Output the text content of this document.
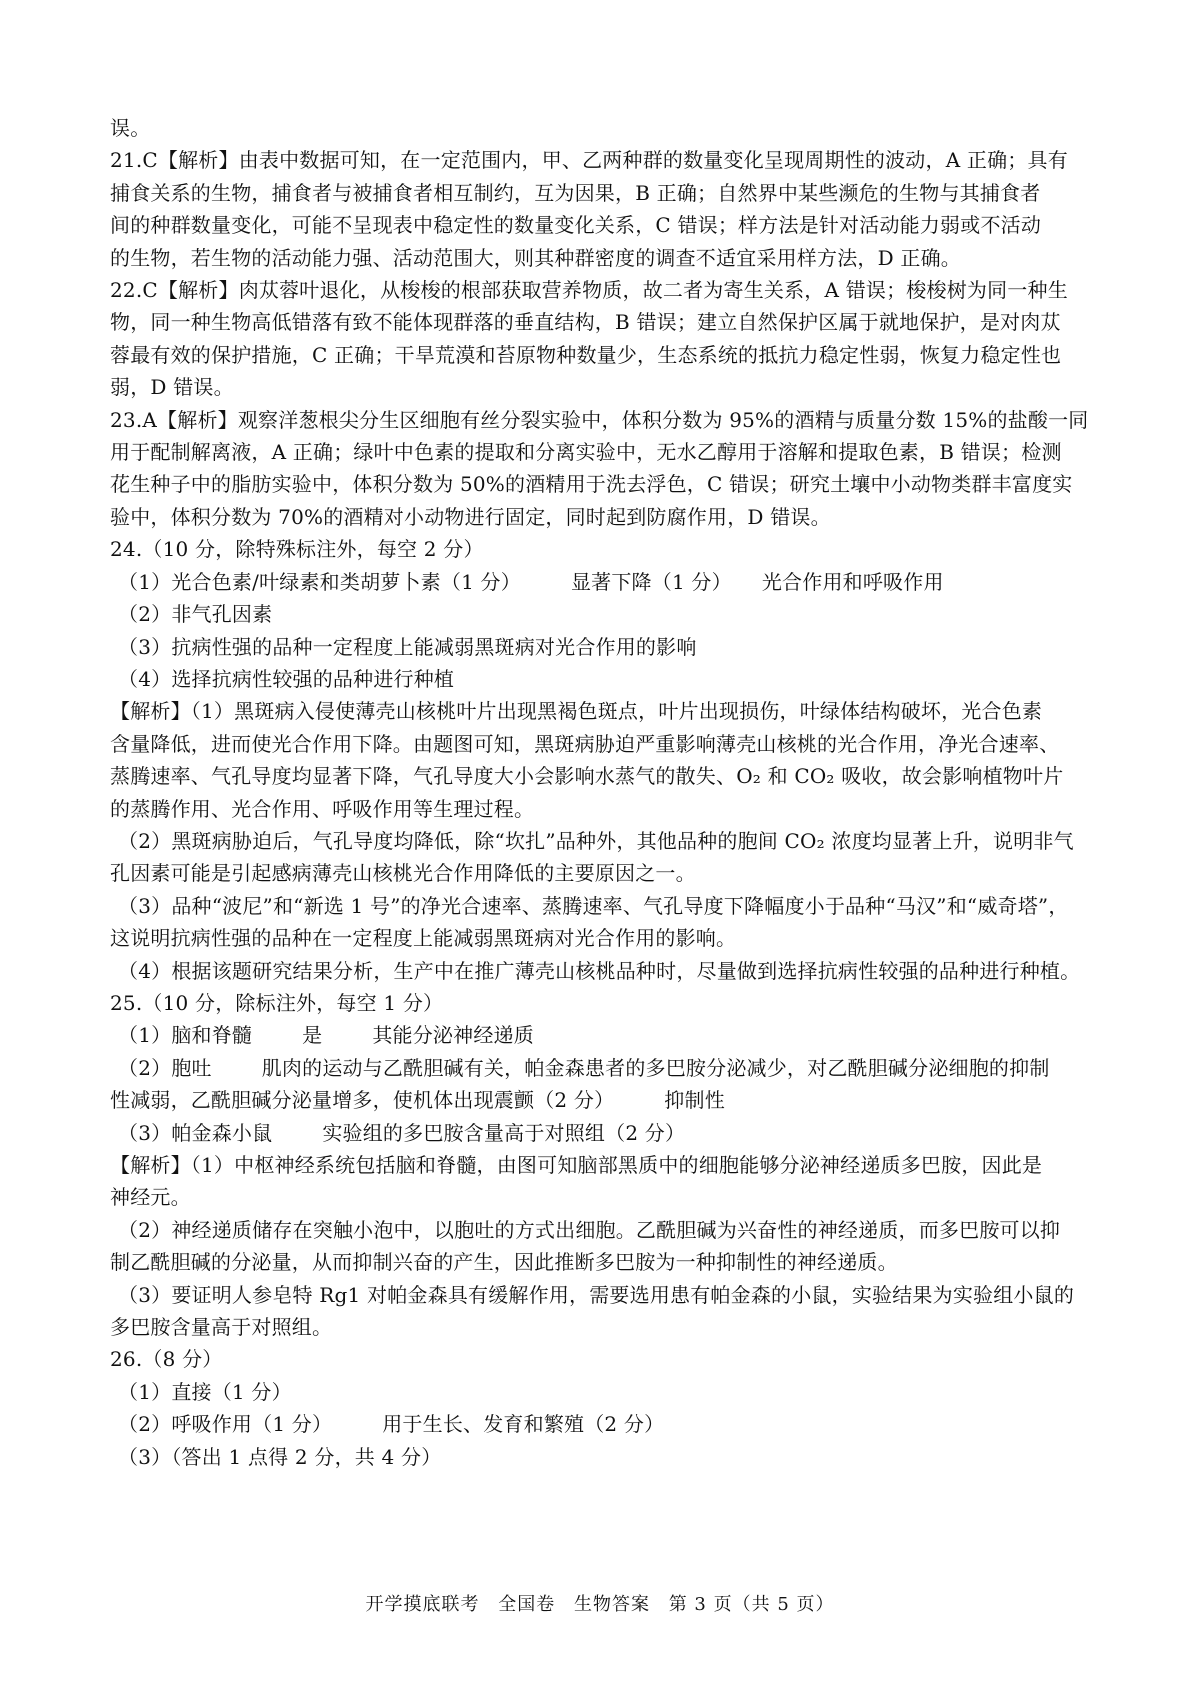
误。
21.C【解析】由表中数据可知，在一定范围内，甲、乙两种群的数量变化呈现周期性的波动，A 正确；具有
捕食关系的生物，捕食者与被捕食者相互制约，互为因果，B 正确；自然界中某些濒危的生物与其捕食者
间的种群数量变化，可能不呈现表中稳定性的数量变化关系，C 错误；样方法是针对活动能力弱或不活动
的生物，若生物的活动能力强、活动范围大，则其种群密度的调查不适宜采用样方法，D 正确。
22.C【解析】肉苁蓉叶退化，从梭梭的根部获取营养物质，故二者为寄生关系，A 错误；梭梭树为同一种生
物，同一种生物高低错落有致不能体现群落的垂直结构，B 错误；建立自然保护区属于就地保护，是对肉苁
蓉最有效的保护措施，C 正确；干旱荒漠和苔原物种数量少，生态系统的抵抗力稳定性弱，恢复力稳定性也
弱，D 错误。
23.A【解析】观察洋葱根尖分生区细胞有丝分裂实验中，体积分数为 95%的酒精与质量分数 15%的盐酸一同
用于配制解离液，A 正确；绿叶中色素的提取和分离实验中，无水乙醇用于溶解和提取色素，B 错误；检测
花生种子中的脂肪实验中，体积分数为 50%的酒精用于洗去浮色，C 错误；研究土壤中小动物类群丰富度实
验中，体积分数为 70%的酒精对小动物进行固定，同时起到防腐作用，D 错误。
24.（10 分，除特殊标注外，每空 2 分）
（1）光合色素/叶绿素和类胡萝卜素（1 分）	显著下降（1 分） 光合作用和呼吸作用
（2）非气孔因素
（3）抗病性强的品种一定程度上能减弱黑斑病对光合作用的影响
（4）选择抗病性较强的品种进行种植
【解析】（1）黑斑病入侵使薄壳山核桃叶片出现黑褐色斑点，叶片出现损伤，叶绿体结构破坏，光合色素
含量降低，进而使光合作用下降。由题图可知，黑斑病胁迫严重影响薄壳山核桃的光合作用，净光合速率、
蒸腾速率、气孔导度均显著下降，气孔导度大小会影响水蒸气的散失、O₂ 和 CO₂ 吸收，故会影响植物叶片
的蒸腾作用、光合作用、呼吸作用等生理过程。
（2）黑斑病胁迫后，气孔导度均降低，除“坎扎”品种外，其他品种的胞间 CO₂ 浓度均显著上升，说明非气
孔因素可能是引起感病薄壳山核桃光合作用降低的主要原因之一。
（3）品种“波尼”和“新选 1 号”的净光合速率、蒸腾速率、气孔导度下降幅度小于品种“马汉”和“威奇塔”，
这说明抗病性强的品种在一定程度上能减弱黑斑病对光合作用的影响。
（4）根据该题研究结果分析，生产中在推广薄壳山核桃品种时，尽量做到选择抗病性较强的品种进行种植。
25.（10 分，除标注外，每空 1 分）
（1）脑和脊髓	是	其能分泌神经递质
（2）胞吐	肌肉的运动与乙酰胆碱有关，帕金森患者的多巴胺分泌减少，对乙酰胆碱分泌细胞的抑制
性减弱，乙酰胆碱分泌量增多，使机体出现震颤（2 分）	抑制性
（3）帕金森小鼠	实验组的多巴胺含量高于对照组（2 分）
【解析】（1）中枢神经系统包括脑和脊髓，由图可知脑部黑质中的细胞能够分泌神经递质多巴胺，因此是
神经元。
（2）神经递质储存在突触小泡中，以胞吐的方式出细胞。乙酰胆碱为兴奋性的神经递质，而多巴胺可以抑
制乙酰胆碱的分泌量，从而抑制兴奋的产生，因此推断多巴胺为一种抑制性的神经递质。
（3）要证明人参皂特 Rg1 对帕金森具有缓解作用，需要选用患有帕金森的小鼠，实验结果为实验组小鼠的
多巴胺含量高于对照组。
26.（8 分）
（1）直接（1 分）
（2）呼吸作用（1 分）	用于生长、发育和繁殖（2 分）
（3）（答出 1 点得 2 分，共 4 分）
开学摸底联考 全国卷 生物答案 第 3 页（共 5 页）
